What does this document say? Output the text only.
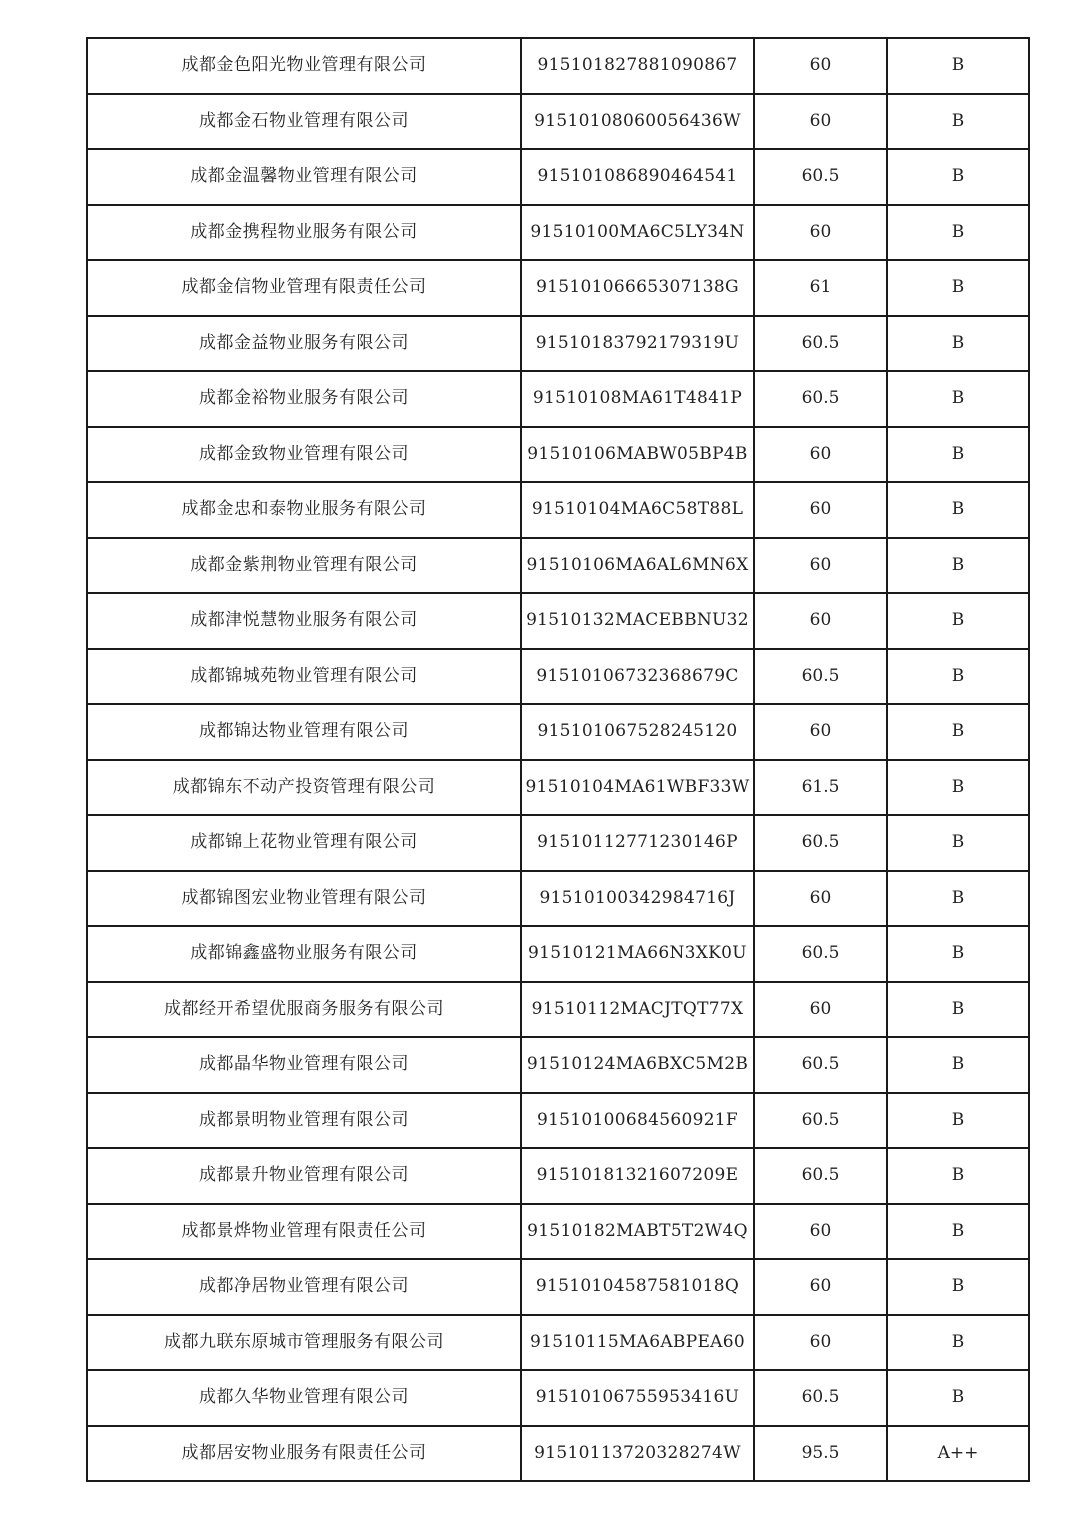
成都金色阳光物业管理有限公司	915101827881090867	60	B
成都金石物业管理有限公司	91510108060056436W	60	B
成都金温馨物业管理有限公司	915101086890464541	60.5	B
成都金携程物业服务有限公司	91510100MA6C5LY34N	60	B
成都金信物业管理有限责任公司	91510106665307138G	61	B
成都金益物业服务有限公司	91510183792179319U	60.5	B
成都金裕物业服务有限公司	91510108MA61T4841P	60.5	B
成都金致物业管理有限公司	91510106MABW05BP4B	60	B
成都金忠和泰物业服务有限公司	91510104MA6C58T88L	60	B
成都金紫荆物业管理有限公司	91510106MA6AL6MN6X	60	B
成都津悦慧物业服务有限公司	91510132MACEBBNU32	60	B
成都锦城苑物业管理有限公司	91510106732368679C	60.5	B
成都锦达物业管理有限公司	915101067528245120	60	B
成都锦东不动产投资管理有限公司	91510104MA61WBF33W	61.5	B
成都锦上花物业管理有限公司	91510112771230146P	60.5	B
成都锦图宏业物业管理有限公司	91510100342984716J	60	B
成都锦鑫盛物业服务有限公司	91510121MA66N3XK0U	60.5	B
成都经开希望优服商务服务有限公司	91510112MACJTQT77X	60	B
成都晶华物业管理有限公司	91510124MA6BXC5M2B	60.5	B
成都景明物业管理有限公司	91510100684560921F	60.5	B
成都景升物业管理有限公司	91510181321607209E	60.5	B
成都景烨物业管理有限责任公司	91510182MABT5T2W4Q	60	B
成都净居物业管理有限公司	91510104587581018Q	60	B
成都九联东原城市管理服务有限公司	91510115MA6ABPEA60	60	B
成都久华物业管理有限公司	91510106755953416U	60.5	B
成都居安物业服务有限责任公司	91510113720328274W	95.5	A++
